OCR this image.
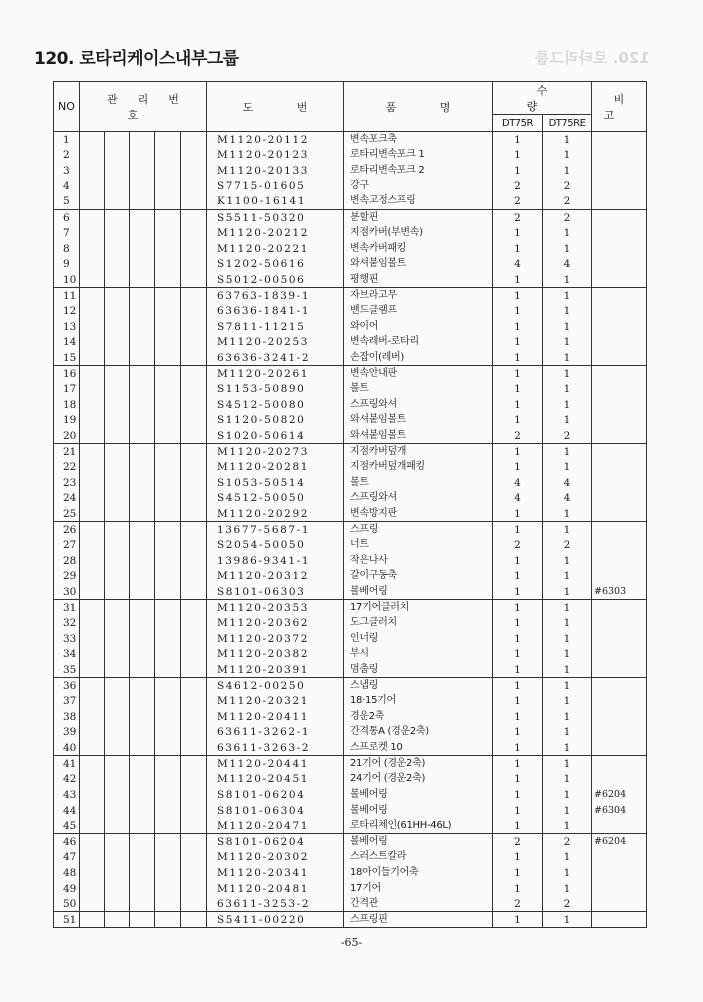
120. 로타리케이스내부그룹	120. 로타리그룹
NO	관리번호					도 번	품 명	수 량		비고
								DT75R	DT75RE	
1						M1120-20112	변속포크축	1	1	
2						M1120-20123	로타리변속포크 1	1	1	
3						M1120-20133	로타리변속포크 2	1	1	
4						S7715-01605	강구	2	2	
5						K1100-16141	변속고정스프링	2	2	
6						S5511-50320	분할핀	2	2	
7						M1120-20212	지점카버(부변속)	1	1	
8						M1120-20221	변속카버패킹	1	1	
9						S1202-50616	와셔붙임볼트	4	4	
10						S5012-00506	평행핀	1	1	
11						63763-1839-1	자브라고무	1	1	
12						63636-1841-1	밴드클램프	1	1	
13						S7811-11215	와이어	1	1	
14						M1120-20253	변속레버-로타리	1	1	
15						63636-3241-2	손잡이(레버)	1	1	
16						M1120-20261	변속안내판	1	1	
17						S1153-50890	볼트	1	1	
18						S4512-50080	스프링와셔	1	1	
19						S1120-50820	와셔붙임볼트	1	1	
20						S1020-50614	와셔붙임볼트	2	2	
21						M1120-20273	지점카버덮개	1	1	
22						M1120-20281	지점카버덮개패킹	1	1	
23						S1053-50514	볼트	4	4	
24						S4512-50050	스프링와셔	4	4	
25						M1120-20292	변속방지판	1	1	
26						13677-5687-1	스프링	1	1	
27						S2054-50050	너트	2	2	
28						13986-9341-1	작은나사	1	1	
29						M1120-20312	갈이구동축	1	1	
30						S8101-06303	볼베어링	1	1	#6303
31						M1120-20353	17기어클러치	1	1	
32						M1120-20362	도그클러치	1	1	
33						M1120-20372	인너링	1	1	
34						M1120-20382	부시	1	1	
35						M1120-20391	멈춤링	1	1	
36						S4612-00250	스냅링	1	1	
37						M1120-20321	18·15기어	1	1	
38						M1120-20411	경운2축	1	1	
39						63611-3262-1	간격통A (경운2축)	1	1	
40						63611-3263-2	스프로켓 10	1	1	
41						M1120-20441	21기어 (경운2축)	1	1	
42						M1120-20451	24기어 (경운2축)	1	1	
43						S8101-06204	볼베어링	1	1	#6204
44						S8101-06304	볼베어링	1	1	#6304
45						M1120-20471	로타리체인(61HH-46L)	1	1	
46						S8101-06204	볼베어링	2	2	#6204
47						M1120-20302	스러스트칼라	1	1	
48						M1120-20341	18아이들기어축	1	1	
49						M1120-20481	17기어	1	1	
50						63611-3253-2	간격관	2	2	
51						S5411-00220	스프링핀	1	1	
-65-
